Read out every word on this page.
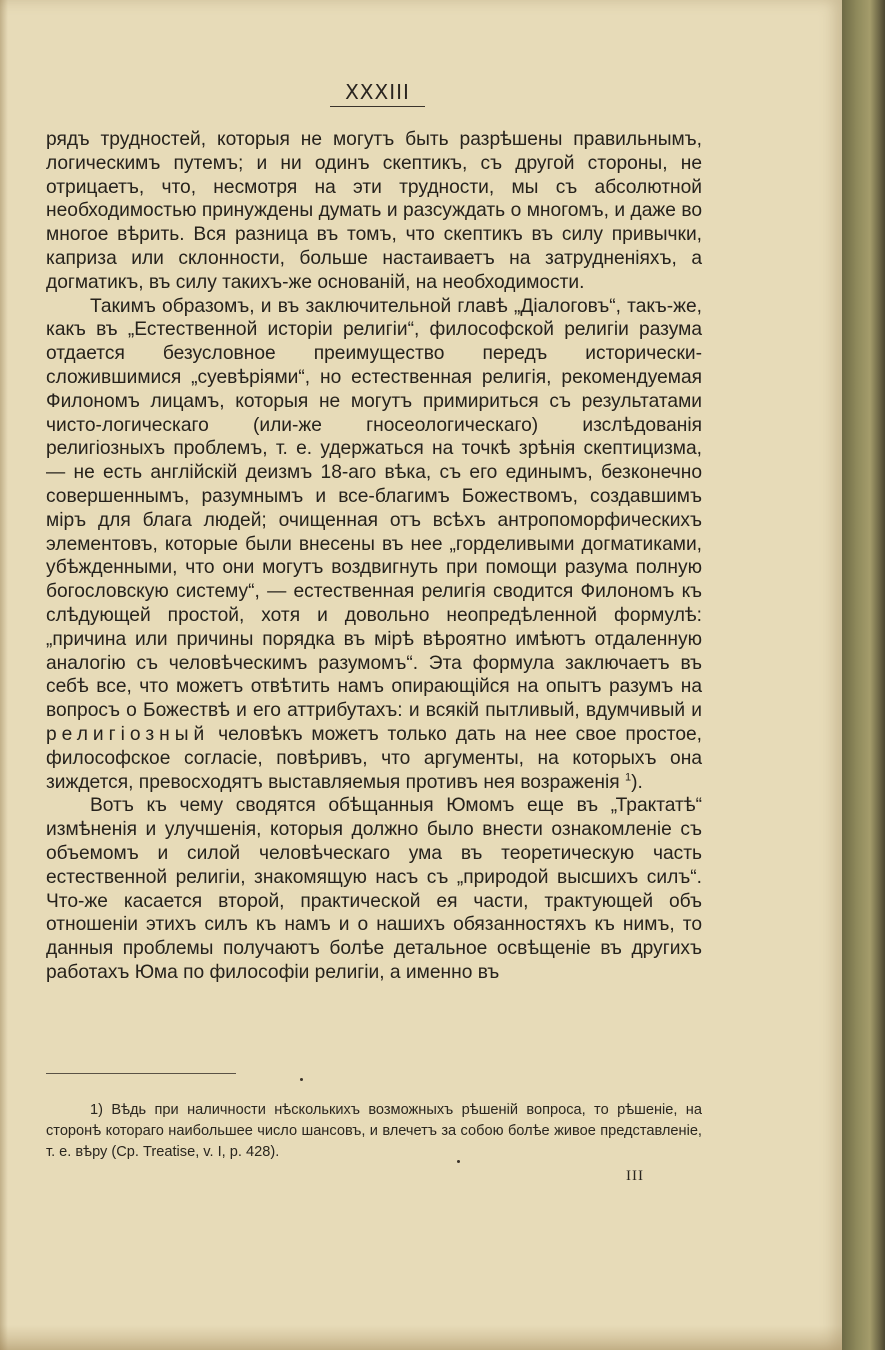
XXXIII

рядъ трудностей, которыя не могутъ быть разрѣшены правильнымъ, логическимъ путемъ; и ни одинъ скептикъ, съ другой стороны, не отрицаетъ, что, несмотря на эти трудности, мы съ абсолютной необходимостью принуждены думать и разсуждать о многомъ, и даже во многое вѣрить. Вся разница въ томъ, что скептикъ въ силу привычки, каприза или склонности, больше настаиваетъ на затрудненіяхъ, а догматикъ, въ силу такихъ-же основаній, на необходимости.

Такимъ образомъ, и въ заключительной главѣ „Діалоговъ“, такъ-же, какъ въ „Естественной исторіи религіи“, философской религіи разума отдается безусловное преимущество передъ исторически-сложившимися „суевѣріями“, но естественная религія, рекомендуемая Филономъ лицамъ, которыя не могутъ примириться съ результатами чисто-логическаго (или-же гносеологическаго) изслѣдованія религіозныхъ проблемъ, т. е. удержаться на точкѣ зрѣнія скептицизма, — не есть англійскій деизмъ 18-аго вѣка, съ его единымъ, безконечно совершеннымъ, разумнымъ и все-благимъ Божествомъ, создавшимъ міръ для блага людей; очищенная отъ всѣхъ антропоморфическихъ элементовъ, которые были внесены въ нее „горделивыми догматиками, убѣжденными, что они могутъ воздвигнуть при помощи разума полную богословскую систему“, — естественная религія сводится Филономъ къ слѣдующей простой, хотя и довольно неопредѣленной формулѣ: „причина или причины порядка въ мірѣ вѣроятно имѣютъ отдаленную аналогію съ человѣческимъ разумомъ“. Эта формула заключаетъ въ себѣ все, что можетъ отвѣтить намъ опирающійся на опытъ разумъ на вопросъ о Божествѣ и его аттрибутахъ: и всякій пытливый, вдумчивый и религіозный человѣкъ можетъ только дать на нее свое простое, философское согласіе, повѣривъ, что аргументы, на которыхъ она зиждется, превосходятъ выставляемыя противъ нея возраженія $^1$).

Вотъ къ чему сводятся обѣщанныя Юмомъ еще въ „Трактатѣ“ измѣненія и улучшенія, которыя должно было внести ознакомленіе съ объемомъ и силой человѣческаго ума въ теоретическую часть естественной религіи, знакомящую насъ съ „природой высшихъ силъ“. Что-же касается второй, практической ея части, трактующей объ отношеніи этихъ силъ къ намъ и о нашихъ обязанностяхъ къ нимъ, то данныя проблемы получаютъ болѣе детальное освѣщеніе въ другихъ работахъ Юма по философіи религіи, а именно въ

1) Вѣдь при наличности нѣсколькихъ возможныхъ рѣшеній вопроса, то рѣшеніе, на сторонѣ котораго наибольшее число шансовъ, и влечетъ за собою болѣе живое представленіе, т. е. вѣру (Ср. Treatise, v. I, p. 428).

III
